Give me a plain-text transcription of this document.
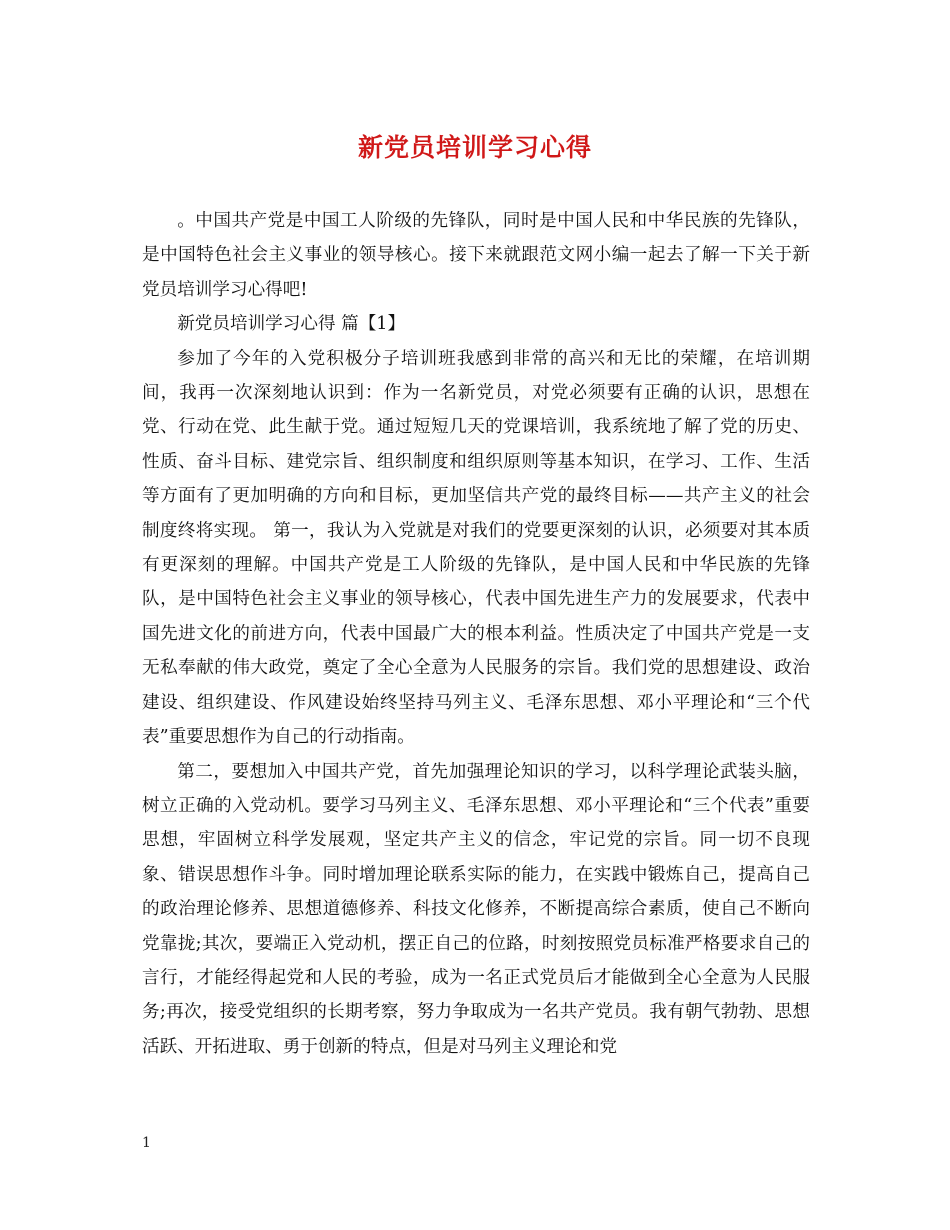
新党员培训学习心得

。中国共产党是中国工人阶级的先锋队，同时是中国人民和中华民族的先锋队，是中国特色社会主义事业的领导核心。接下来就跟范文网小编一起去了解一下关于新党员培训学习心得吧!

新党员培训学习心得 篇【1】

参加了今年的入党积极分子培训班我感到非常的高兴和无比的荣耀，在培训期间，我再一次深刻地认识到：作为一名新党员，对党必须要有正确的认识，思想在党、行动在党、此生献于党。通过短短几天的党课培训，我系统地了解了党的历史、性质、奋斗目标、建党宗旨、组织制度和组织原则等基本知识，在学习、工作、生活等方面有了更加明确的方向和目标，更加坚信共产党的最终目标——共产主义的社会制度终将实现。 第一，我认为入党就是对我们的党要更深刻的认识，必须要对其本质有更深刻的理解。中国共产党是工人阶级的先锋队，是中国人民和中华民族的先锋队，是中国特色社会主义事业的领导核心，代表中国先进生产力的发展要求，代表中国先进文化的前进方向，代表中国最广大的根本利益。性质决定了中国共产党是一支无私奉献的伟大政党，奠定了全心全意为人民服务的宗旨。我们党的思想建设、政治建设、组织建设、作风建设始终坚持马列主义、毛泽东思想、邓小平理论和“三个代表”重要思想作为自己的行动指南。

第二，要想加入中国共产党，首先加强理论知识的学习，以科学理论武装头脑，树立正确的入党动机。要学习马列主义、毛泽东思想、邓小平理论和“三个代表”重要思想，牢固树立科学发展观，坚定共产主义的信念，牢记党的宗旨。同一切不良现象、错误思想作斗争。同时增加理论联系实际的能力，在实践中锻炼自己，提高自己的政治理论修养、思想道德修养、科技文化修养，不断提高综合素质，使自己不断向党靠拢;其次，要端正入党动机，摆正自己的位路，时刻按照党员标准严格要求自己的言行，才能经得起党和人民的考验，成为一名正式党员后才能做到全心全意为人民服务;再次，接受党组织的长期考察，努力争取成为一名共产党员。我有朝气勃勃、思想活跃、开拓进取、勇于创新的特点，但是对马列主义理论和党

1
